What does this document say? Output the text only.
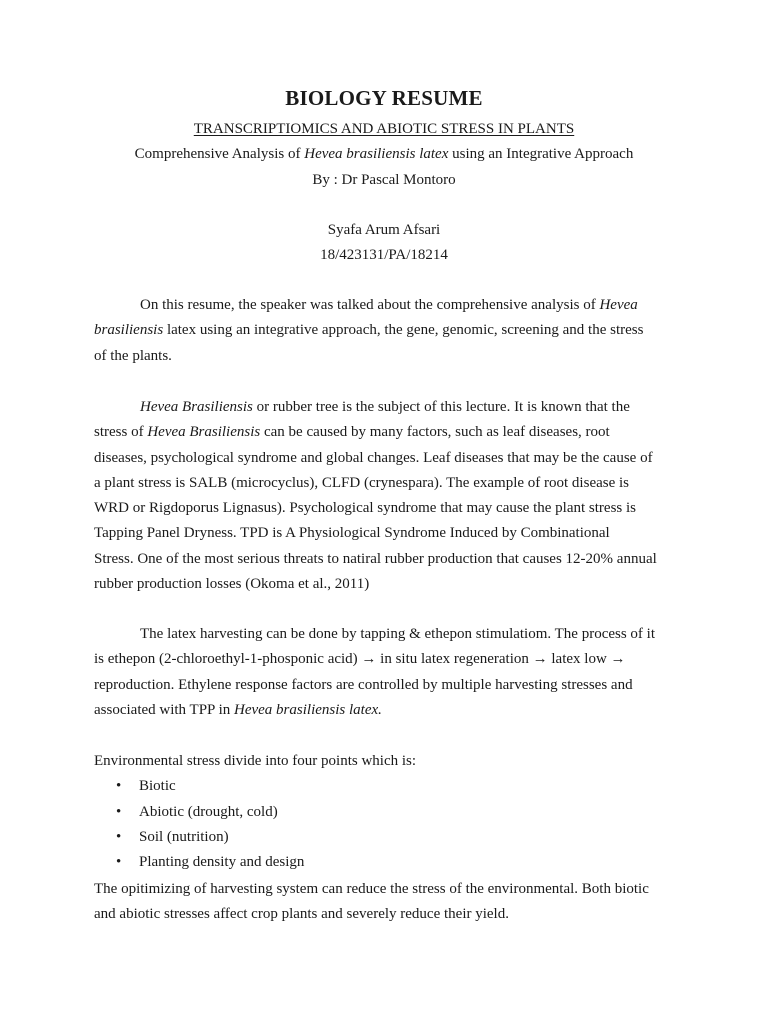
BIOLOGY RESUME
TRANSCRIPTIOMICS AND ABIOTIC STRESS IN PLANTS
Comprehensive Analysis of Hevea brasiliensis latex using an Integrative Approach
By : Dr Pascal Montoro
Syafa Arum Afsari
18/423131/PA/18214

On this resume, the speaker was talked about the comprehensive analysis of Hevea

brasiliensis latex using an integrative approach, the gene, genomic, screening and the stress
of the plants.

Hevea Brasiliensis or rubber tree is the subject of this lecture. It is known that the

stress of Hevea Brasiliensis can be caused by many factors, such as leaf diseases, root
diseases, psychological syndrome and global changes. Leaf diseases that may be the cause of
a plant stress is SALB (microcyclus), CLFD (crynespara). The example of root disease is
WRD or Rigdoporus Lignasus). Psychological syndrome that may cause the plant stress is
Tapping Panel Dryness. TPD is A Physiological Syndrome Induced by Combinational
Stress. One of the most serious threats to natiral rubber production that causes 12-20% annual
rubber production losses (Okoma et al., 2011)

The latex harvesting can be done by tapping & ethepon stimulatiom. The process of it

is ethepon (2-chloroethyl-1-phosponic acid) → in situ latex regeneration → latex low →
reproduction. Ethylene response factors are controlled by multiple harvesting stresses and
associated with TPP in Hevea brasiliensis latex.
Environmental stress divide into four points which is:
• Biotic
• Abiotic (drought, cold)
• Soil (nutrition)
• Planting density and design
The opitimizing of harvesting system can reduce the stress of the environmental. Both biotic
and abiotic stresses affect crop plants and severely reduce their yield.
